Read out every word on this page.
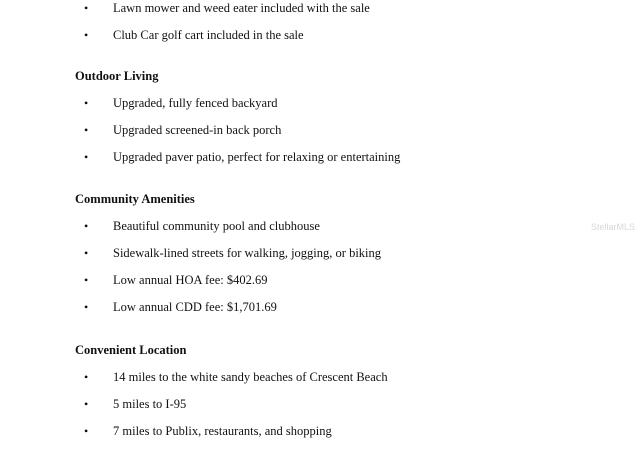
• Lawn mower and weed eater included with the sale
• Club Car golf cart included in the sale
Outdoor Living
• Upgraded, fully fenced backyard
• Upgraded screened-in back porch
• Upgraded paver patio, perfect for relaxing or entertaining
Community Amenities
• Beautiful community pool and clubhouse
• Sidewalk-lined streets for walking, jogging, or biking
• Low annual HOA fee: $402.69
• Low annual CDD fee: $1,701.69
Convenient Location
• 14 miles to the white sandy beaches of Crescent Beach
• 5 miles to I-95
• 7 miles to Publix, restaurants, and shopping
StellarMLS
